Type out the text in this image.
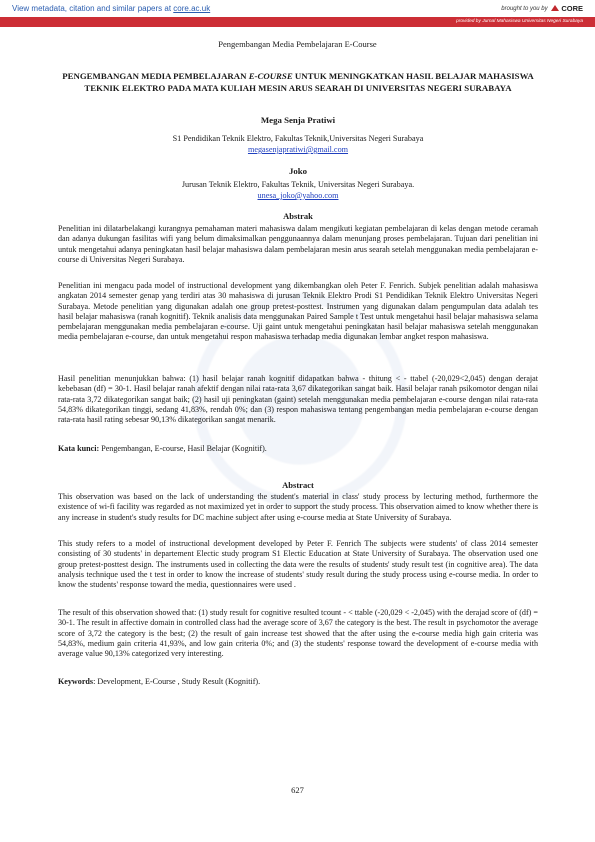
View metadata, citation and similar papers at core.ac.uk	brought to you by CORE
provided by Jurnal Mahasiswa Universitas Negeri Surabaya
Pengembangan Media Pembelajaran E-Course
PENGEMBANGAN MEDIA PEMBELAJARAN E-COURSE UNTUK MENINGKATKAN HASIL BELAJAR MAHASISWA TEKNIK ELEKTRO PADA MATA KULIAH MESIN ARUS SEARAH DI UNIVERSITAS NEGERI SURABAYA
Mega Senja Pratiwi
S1 Pendidikan Teknik Elektro, Fakultas Teknik,Universitas Negeri Surabaya
megasenjapratiwi@gmail.com
Joko
Jurusan Teknik Elektro, Fakultas Teknik, Universitas Negeri Surabaya.
unesa_joko@yahoo.com
Abstrak
Penelitian ini dilatarbelakangi kurangnya pemahaman materi mahasiswa dalam mengikuti kegiatan pembelajaran di kelas dengan metode ceramah dan adanya dukungan fasilitas wifi yang belum dimaksimalkan penggunaannya dalam menunjang proses pembelajaran. Tujuan dari penelitian ini untuk mengetahui adanya peningkatan hasil belajar mahasiswa dalam pembelajaran mesin arus searah setelah menggunakan media pembelajaran e-course di Universitas Negeri Surabaya.
Penelitian ini mengacu pada model of instructional development yang dikembangkan oleh Peter F. Fenrich. Subjek penelitian adalah mahasiswa angkatan 2014 semester genap yang terdiri atas 30 mahasiswa di jurusan Teknik Elektro Prodi S1 Pendidikan Teknik Elektro Universitas Negeri Surabaya. Metode penelitian yang digunakan adalah one group pretest-posttest. Instrumen yang digunakan dalam pengumpulan data adalah tes hasil belajar mahasiswa (ranah kognitif). Teknik analisis data menggunakan Paired Sample t Test untuk mengetahui hasil belajar mahasiswa selama pembelajaran menggunakan media pembelajaran e-course. Uji gaint untuk mengetahui peningkatan hasil belajar mahasiswa setelah menggunakan media pembelajaran e-course, dan untuk mengetahui respon mahasiswa terhadap media digunakan lembar angket respon mahasiswa.
Hasil penelitian menunjukkan bahwa: (1) hasil belajar ranah kognitif didapatkan bahwa - thitung < - ttabel (-20,029<2,045) dengan derajat kebebasan (df) = 30-1. Hasil belajar ranah afektif dengan nilai rata-rata 3,67 dikategorikan sangat baik. Hasil belajar ranah psikomotor dengan nilai rata-rata 3,72 dikategorikan sangat baik; (2) hasil uji peningkatan (gaint) setelah menggunakan media pembelajaran e-course dengan nilai rata-rata 54,83% dikategorikan tinggi, sedang 41,83%, rendah 0%; dan (3) respon mahasiswa tentang pengembangan media pembelajaran e-course dengan rata-rata hasil rating sebesar 90,13% dikategorikan sangat menarik.
Kata kunci: Pengembangan, E-course, Hasil Belajar (Kognitif).
Abstract
This observation was based on the lack of understanding the student's material in class' study process by lecturing method, furthermore the existence of wi-fi facility was regarded as not maximized yet in order to support the study process. This observation aimed to know whether there is any increase in student's study results for DC machine subject after using e-course media at State University of Surabaya.
This study refers to a model of instructional development developed by Peter F. Fenrich The subjects were students' of class 2014 semester consisting of 30 students' in departement Electic study program S1 Electic Education at State University of Surabaya. The observation used one group pretest-posttest design. The instruments used in collecting the data were the results of students' study result test (in cognitive area). The data analysis technique used the t test in order to know the increase of students' study result during the study process using e-course media. In order to know the students' response toward the media, questionnaires were used .
The result of this observation showed that: (1) study result for cognitive resulted tcount - < ttable (-20,029 < -2,045) with the derajad score of (df) = 30-1. The result in affective domain in controlled class had the average score of 3,67 the category is the best. The result in psychomotor the average score of 3,72 the category is the best; (2) the result of gain increase test showed that the after using the e-course media high gain criteria was 54,83%, medium gain criteria 41,93%, and low gain criteria 0%; and (3) the students' response toward the development of e-course media with average value 90,13% categorized very interesting.
Keywords: Development, E-Course , Study Result (Kognitif).
627
